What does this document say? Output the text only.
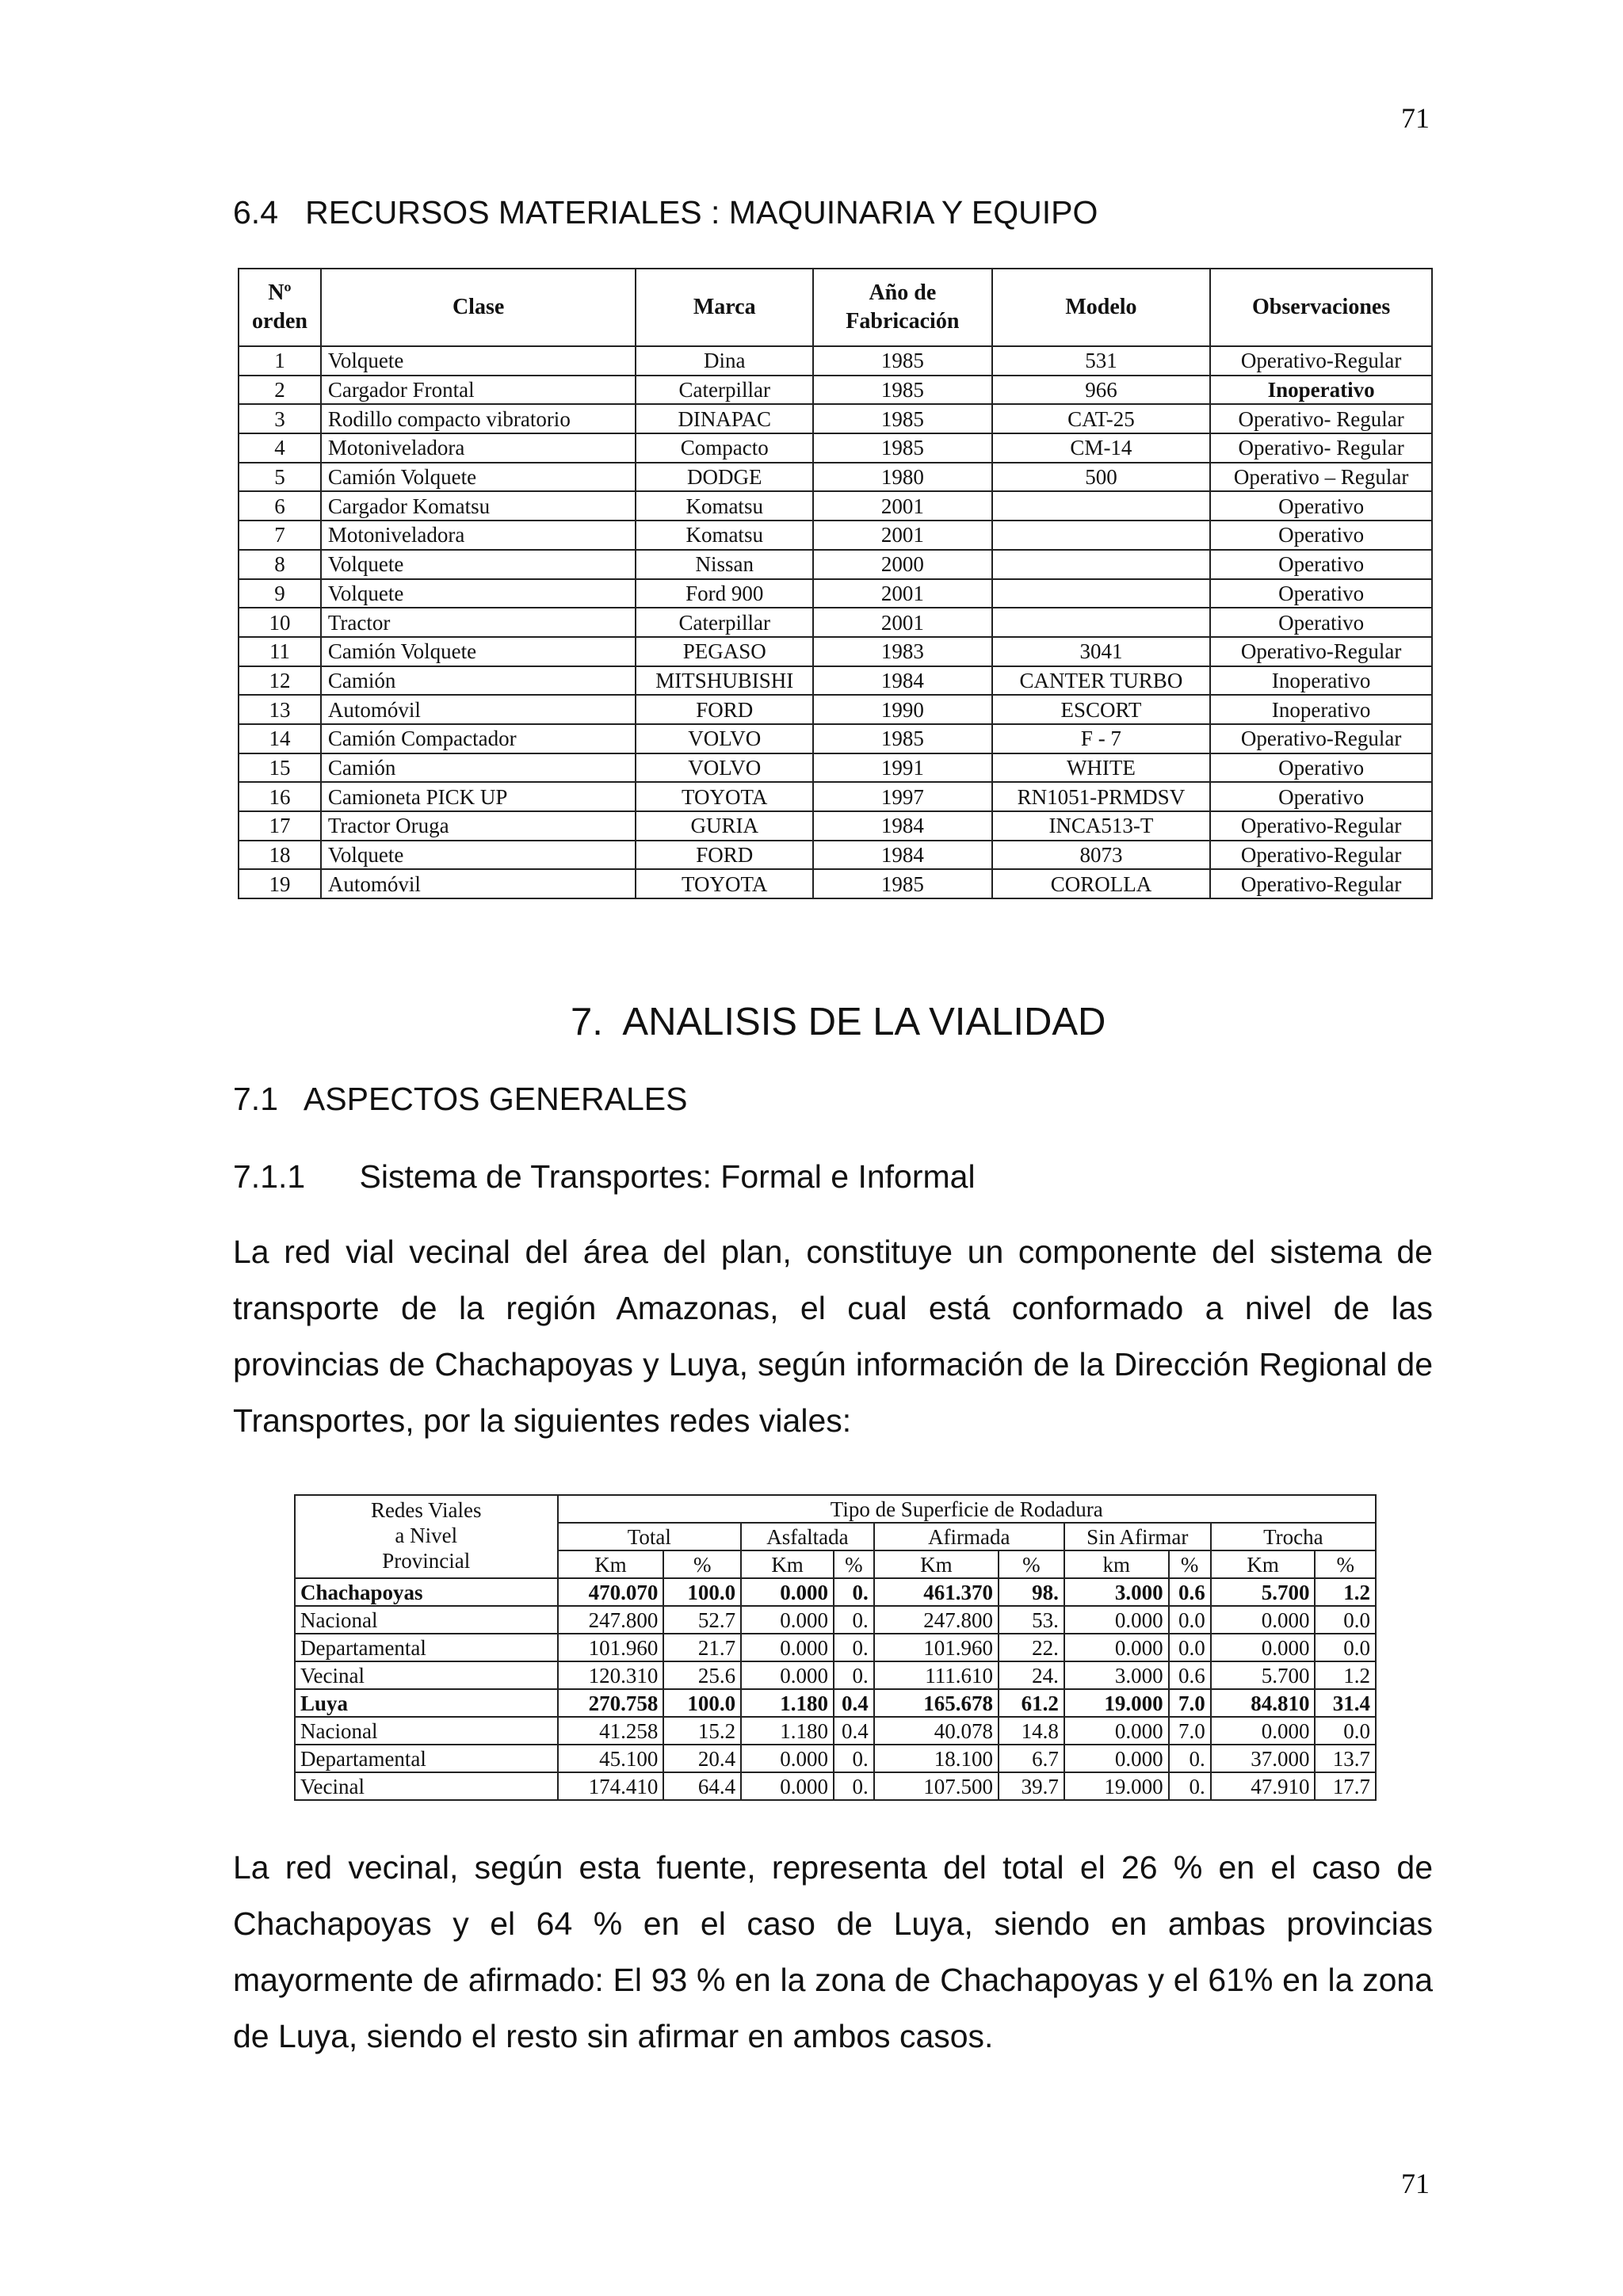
71
6.4   RECURSOS MATERIALES : MAQUINARIA Y EQUIPO
Nº orden	Clase	Marca	Año de Fabricación	Modelo	Observaciones
1	Volquete	Dina	1985	531	Operativo-Regular
2	Cargador Frontal	Caterpillar	1985	966	Inoperativo
3	Rodillo compacto vibratorio	DINAPAC	1985	CAT-25	Operativo- Regular
4	Motoniveladora	Compacto	1985	CM-14	Operativo- Regular
5	Camión Volquete	DODGE	1980	500	Operativo – Regular
6	Cargador Komatsu	Komatsu	2001		Operativo
7	Motoniveladora	Komatsu	2001		Operativo
8	Volquete	Nissan	2000		Operativo
9	Volquete	Ford 900	2001		Operativo
10	Tractor	Caterpillar	2001		Operativo
11	Camión Volquete	PEGASO	1983	3041	Operativo-Regular
12	Camión	MITSHUBISHI	1984	CANTER TURBO	Inoperativo
13	Automóvil	FORD	1990	ESCORT	Inoperativo
14	Camión Compactador	VOLVO	1985	F - 7	Operativo-Regular
15	Camión	VOLVO	1991	WHITE	Operativo
16	Camioneta PICK UP	TOYOTA	1997	RN1051-PRMDSV	Operativo
17	Tractor Oruga	GURIA	1984	INCA513-T	Operativo-Regular
18	Volquete	FORD	1984	8073	Operativo-Regular
19	Automóvil	TOYOTA	1985	COROLLA	Operativo-Regular
7.  ANALISIS DE LA VIALIDAD
7.1   ASPECTOS GENERALES
7.1.1      Sistema de Transportes: Formal e Informal
La red vial vecinal del área del plan, constituye un componente del sistema de transporte de la región Amazonas, el cual está conformado a nivel de las provincias de Chachapoyas y Luya, según información de la Dirección Regional de Transportes, por la siguientes redes viales:
Redes Viales
a Nivel
Provincial	Tipo de Superficie de Rodadura									
	Total		Asfaltada		Afirmada		Sin Afirmar		Trocha	
	Km	%	Km	%	Km	%	km	%	Km	%
Chachapoyas	470.070	100.0	0.000	0.	461.370	98.	3.000	0.6	5.700	1.2
Nacional	247.800	52.7	0.000	0.	247.800	53.	0.000	0.0	0.000	0.0
Departamental	101.960	21.7	0.000	0.	101.960	22.	0.000	0.0	0.000	0.0
Vecinal	120.310	25.6	0.000	0.	111.610	24.	3.000	0.6	5.700	1.2
Luya	270.758	100.0	1.180	0.4	165.678	61.2	19.000	7.0	84.810	31.4
Nacional	41.258	15.2	1.180	0.4	40.078	14.8	0.000	7.0	0.000	0.0
Departamental	45.100	20.4	0.000	0.	18.100	6.7	0.000	0.	37.000	13.7
Vecinal	174.410	64.4	0.000	0.	107.500	39.7	19.000	0.	47.910	17.7
La red vecinal, según esta fuente, representa del total el 26 % en el caso de Chachapoyas y el 64 % en el caso de Luya, siendo en ambas provincias mayormente de afirmado: El 93 % en la zona de Chachapoyas y el 61% en la zona de Luya, siendo el resto sin afirmar en ambos casos.
71
